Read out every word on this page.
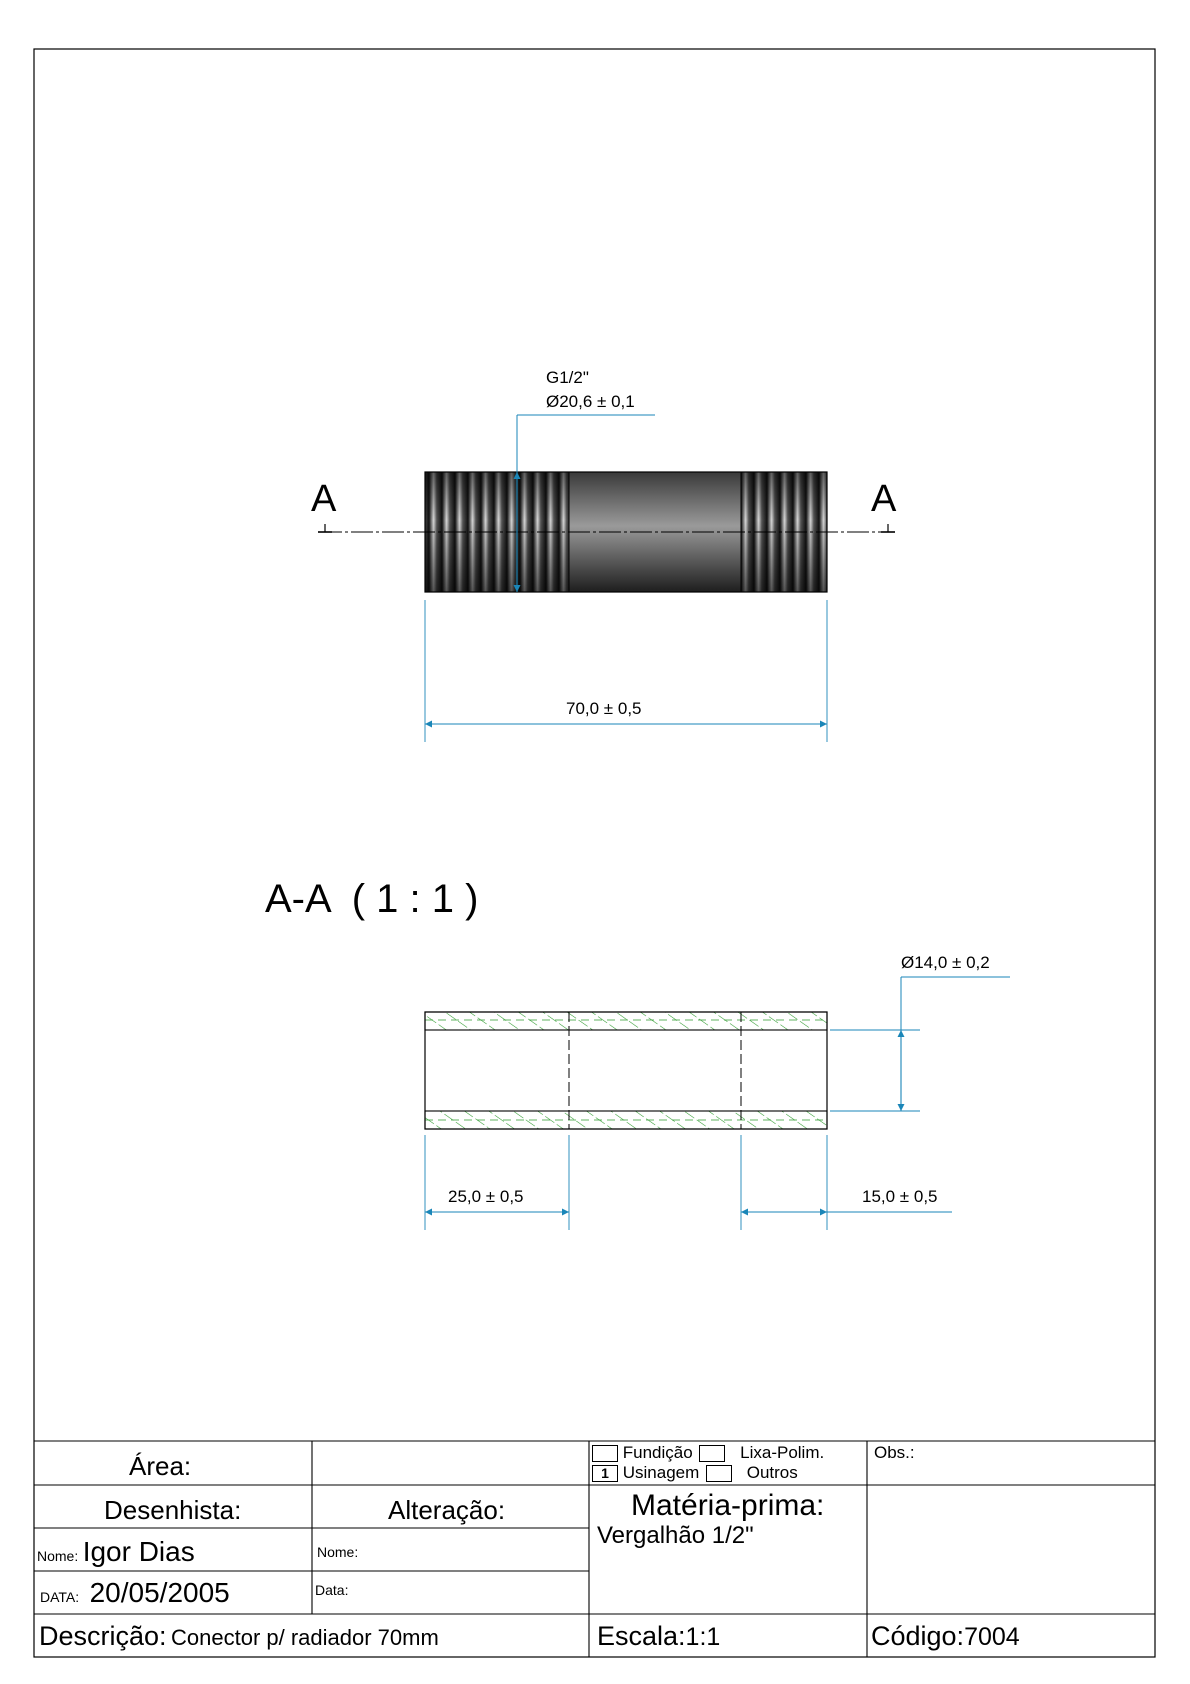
A	A
G1/2"
Ø20,6 ± 0,1
70,0 ± 0,5
A-A  ( 1 : 1 )
Ø14,0 ± 0,2
25,0 ± 0,5	15,0 ± 0,5
Área:	Fundição	Lixa-Polim.
1 Usinagem	Outros
Obs.:
Desenhista:	Alteração:	Matéria-prima:
Vergalhão 1/2"
Nome: Igor Dias	Nome:
DATA: 20/05/2005	Data:
Descrição: Conector p/ radiador 70mm	Escala:1:1	Código:7004
